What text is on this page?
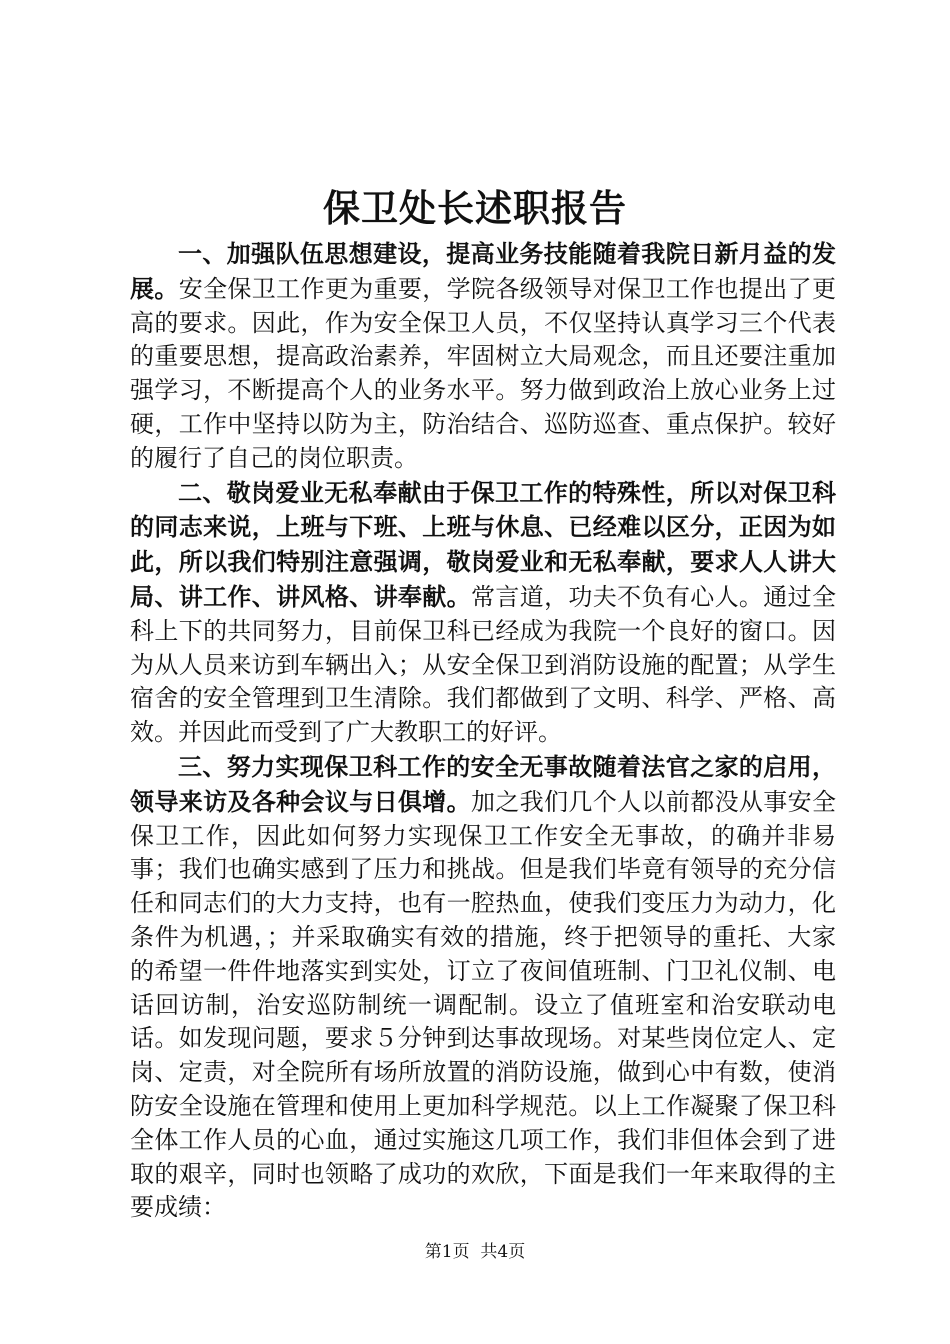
保卫处长述职报告

一、加强队伍思想建设，提高业务技能随着我院日新月益的发展。安全保卫工作更为重要，学院各级领导对保卫工作也提出了更高的要求。因此，作为安全保卫人员，不仅坚持认真学习三个代表的重要思想，提高政治素养，牢固树立大局观念，而且还要注重加强学习，不断提高个人的业务水平。努力做到政治上放心业务上过硬，工作中坚持以防为主，防治结合、巡防巡查、重点保护。较好的履行了自己的岗位职责。

二、敬岗爱业无私奉献由于保卫工作的特殊性，所以对保卫科的同志来说，上班与下班、上班与休息、已经难以区分，正因为如此，所以我们特别注意强调，敬岗爱业和无私奉献，要求人人讲大局、讲工作、讲风格、讲奉献。常言道，功夫不负有心人。通过全科上下的共同努力，目前保卫科已经成为我院一个良好的窗口。因为从人员来访到车辆出入；从安全保卫到消防设施的配置；从学生宿舍的安全管理到卫生清除。我们都做到了文明、科学、严格、高效。并因此而受到了广大教职工的好评。

三、努力实现保卫科工作的安全无事故随着法官之家的启用，领导来访及各种会议与日俱增。加之我们几个人以前都没从事安全保卫工作，因此如何努力实现保卫工作安全无事故，的确并非易事；我们也确实感到了压力和挑战。但是我们毕竟有领导的充分信任和同志们的大力支持，也有一腔热血，使我们变压力为动力，化条件为机遇，；并采取确实有效的措施，终于把领导的重托、大家的希望一件件地落实到实处，订立了夜间值班制、门卫礼仪制、电话回访制，治安巡防制统一调配制。设立了值班室和治安联动电话。如发现问题，要求５分钟到达事故现场。对某些岗位定人、定岗、定责，对全院所有场所放置的消防设施，做到心中有数，使消防安全设施在管理和使用上更加科学规范。以上工作凝聚了保卫科全体工作人员的心血，通过实施这几项工作，我们非但体会到了进取的艰辛，同时也领略了成功的欢欣，下面是我们一年来取得的主要成绩：

第1页 共4页
